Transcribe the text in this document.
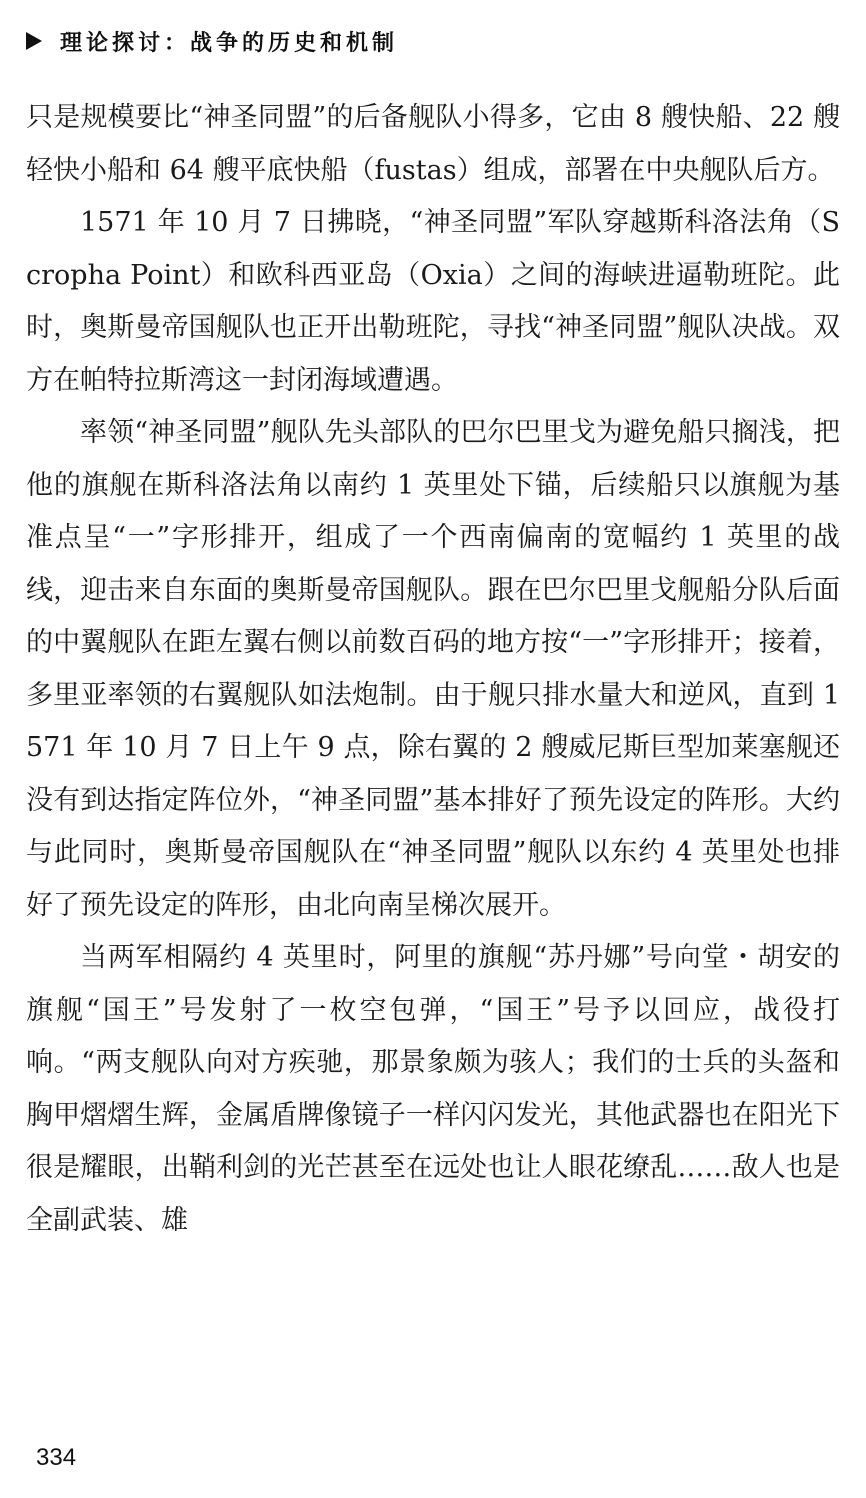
理论探讨：战争的历史和机制

只是规模要比“神圣同盟”的后备舰队小得多，它由 8 艘快船、22 艘轻快小船和 64 艘平底快船（fustas）组成，部署在中央舰队后方。

1571 年 10 月 7 日拂晓，“神圣同盟”军队穿越斯科洛法角（Scropha Point）和欧科西亚岛（Oxia）之间的海峡进逼勒班陀。此时，奥斯曼帝国舰队也正开出勒班陀，寻找“神圣同盟”舰队决战。双方在帕特拉斯湾这一封闭海域遭遇。

率领“神圣同盟”舰队先头部队的巴尔巴里戈为避免船只搁浅，把他的旗舰在斯科洛法角以南约 1 英里处下锚，后续船只以旗舰为基准点呈“一”字形排开，组成了一个西南偏南的宽幅约 1 英里的战线，迎击来自东面的奥斯曼帝国舰队。跟在巴尔巴里戈舰船分队后面的中翼舰队在距左翼右侧以前数百码的地方按“一”字形排开；接着，多里亚率领的右翼舰队如法炮制。由于舰只排水量大和逆风，直到 1571 年 10 月 7 日上午 9 点，除右翼的 2 艘威尼斯巨型加莱塞舰还没有到达指定阵位外，“神圣同盟”基本排好了预先设定的阵形。大约与此同时，奥斯曼帝国舰队在“神圣同盟”舰队以东约 4 英里处也排好了预先设定的阵形，由北向南呈梯次展开。

当两军相隔约 4 英里时，阿里的旗舰“苏丹娜”号向堂・胡安的旗舰“国王”号发射了一枚空包弹，“国王”号予以回应，战役打响。“两支舰队向对方疾驰，那景象颇为骇人；我们的士兵的头盔和胸甲熠熠生辉，金属盾牌像镜子一样闪闪发光，其他武器也在阳光下很是耀眼，出鞘利剑的光芒甚至在远处也让人眼花缭乱……敌人也是全副武装、雄

334
